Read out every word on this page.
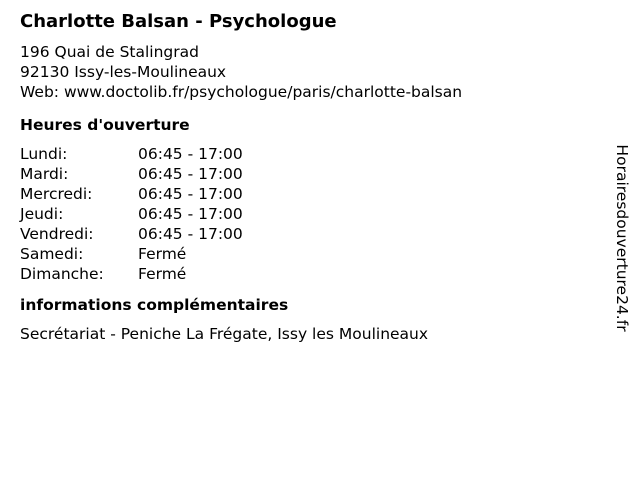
Charlotte Balsan - Psychologue
196 Quai de Stalingrad
92130 Issy-les-Moulineaux
Web: www.doctolib.fr/psychologue/paris/charlotte-balsan
Heures d'ouverture
Lundi:	06:45 - 17:00
Mardi:	06:45 - 17:00
Mercredi:	06:45 - 17:00
Jeudi:	06:45 - 17:00
Vendredi:	06:45 - 17:00
Samedi:	Fermé
Dimanche:	Fermé
informations complémentaires
Secrétariat - Peniche La Frégate, Issy les Moulineaux
Horairesdouverture24.fr
